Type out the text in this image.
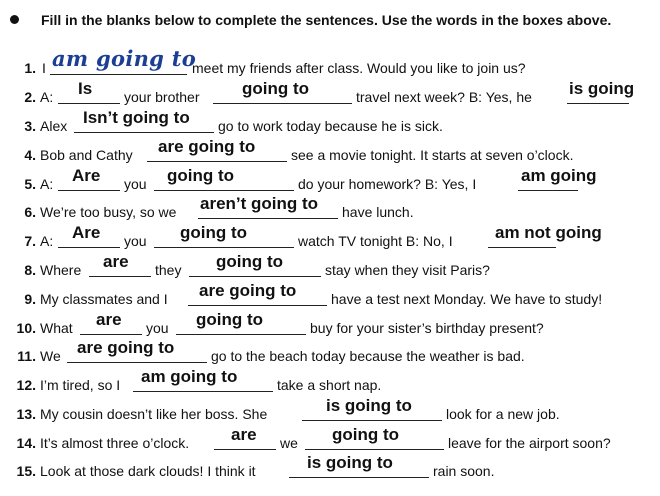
Fill in the blanks below to complete the sentences. Use the words in the boxes above.
1. I am going to
meet my friends after class. Would you like to join us?
2. A: Is your brother	going to	travel next week? B: Yes, he is going
3. Alex Isn’t going to go to work today because he is sick.
4. Bob and Cathy are going to	see a movie tonight. It starts at seven o’clock.
5. A: Are you going to	do your homework? B: Yes, I	am going
6. We’re too busy, so we aren’t going to have lunch.
7. A: Are you going to	watch TV tonight B: No, I am not going
8. Where are they going to	stay when they visit Paris?
9. My classmates and I are going to have a test next Monday. We have to study!
10. What are you going to	buy for your sister’s birthday present?
11. We are going to	go to the beach today because the weather is bad.
12. I’m tired, so I am going to	take a short nap.
13. My cousin doesn’t like her boss. She	is going to look for a new job.
14. It’s almost three o’clock. are we going to	leave for the airport soon?
15. Look at those dark clouds! I think it	is going to	rain soon.
